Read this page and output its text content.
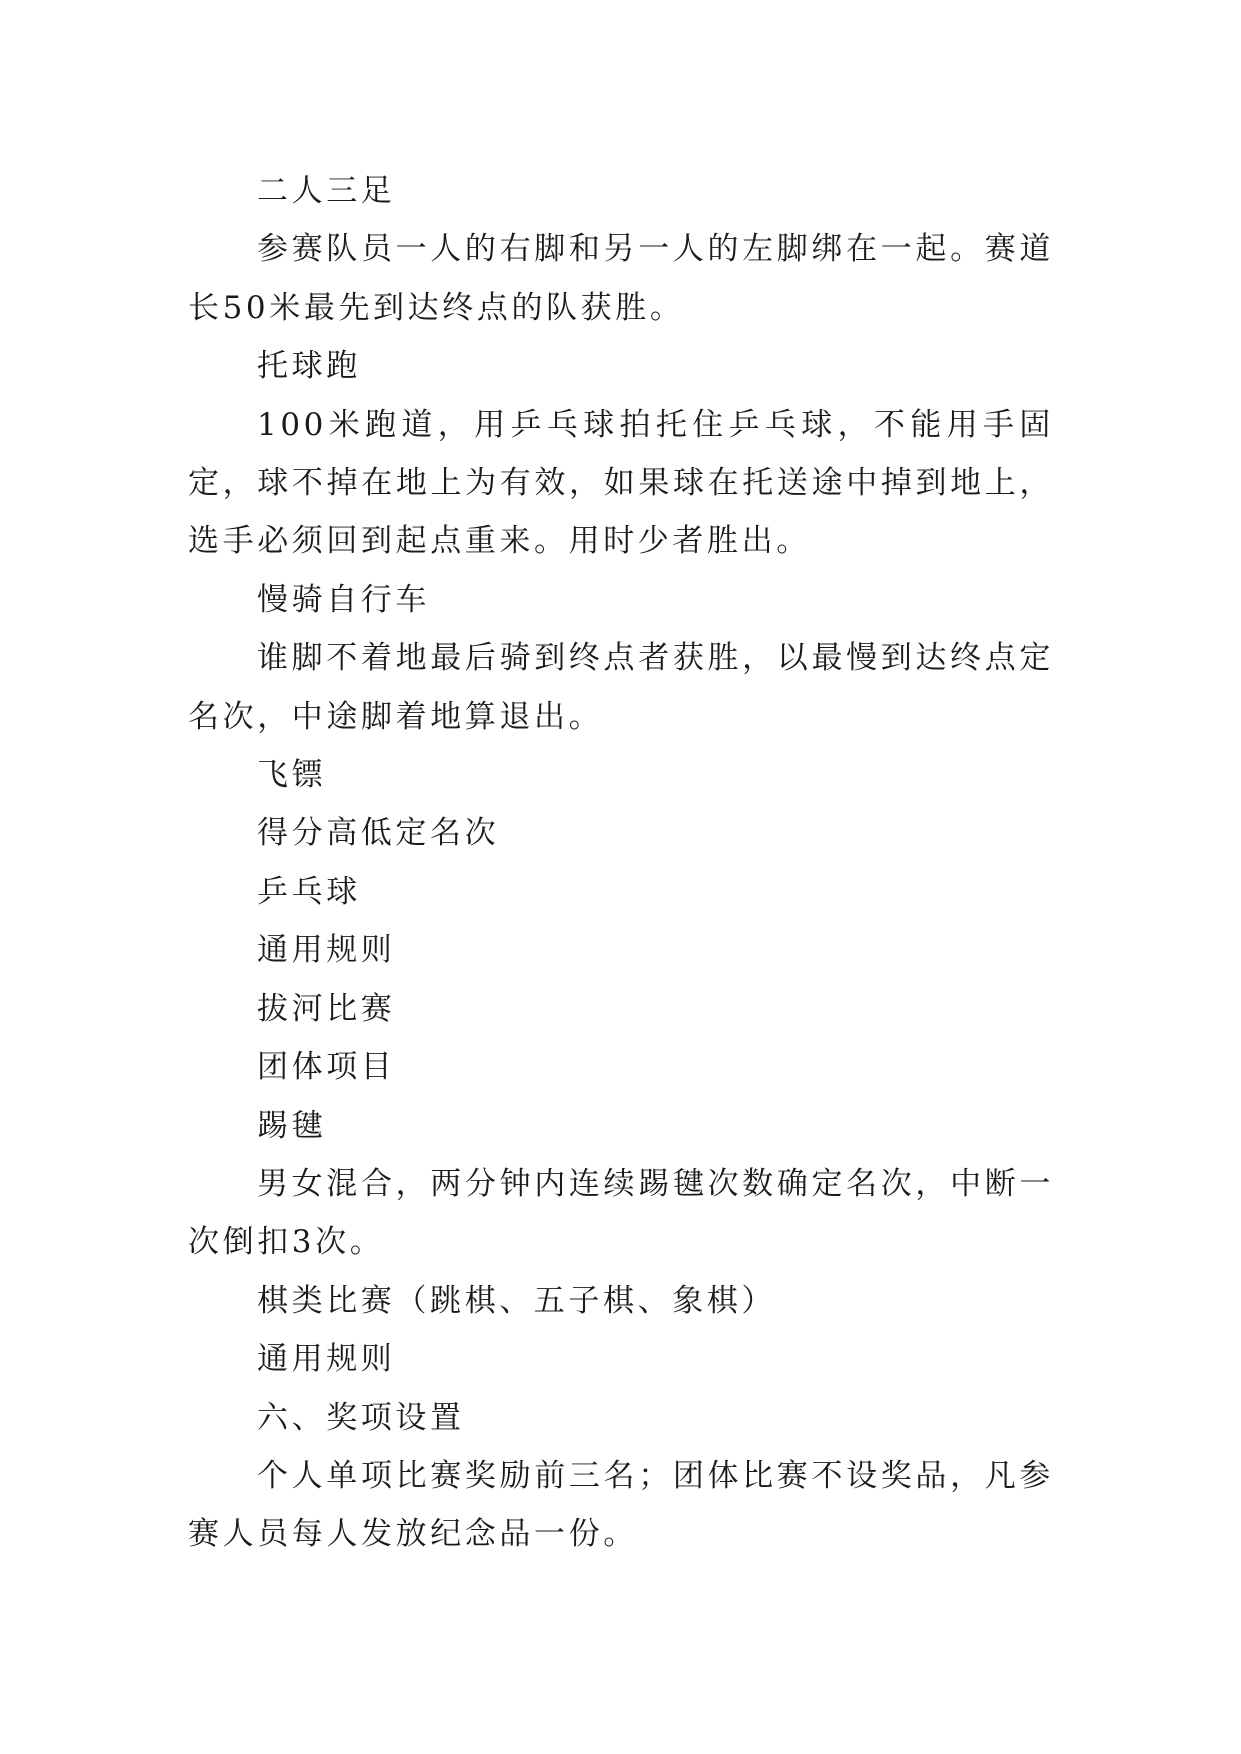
二人三足

参赛队员一人的右脚和另一人的左脚绑在一起。赛道长50米最先到达终点的队获胜。

托球跑

100米跑道，用乒乓球拍托住乒乓球，不能用手固定，球不掉在地上为有效，如果球在托送途中掉到地上，选手必须回到起点重来。用时少者胜出。

慢骑自行车

谁脚不着地最后骑到终点者获胜，以最慢到达终点定名次，中途脚着地算退出。

飞镖

得分高低定名次

乒乓球

通用规则

拔河比赛

团体项目

踢毽

男女混合，两分钟内连续踢毽次数确定名次，中断一次倒扣3次。

棋类比赛（跳棋、五子棋、象棋）

通用规则

六、奖项设置

个人单项比赛奖励前三名；团体比赛不设奖品，凡参赛人员每人发放纪念品一份。
